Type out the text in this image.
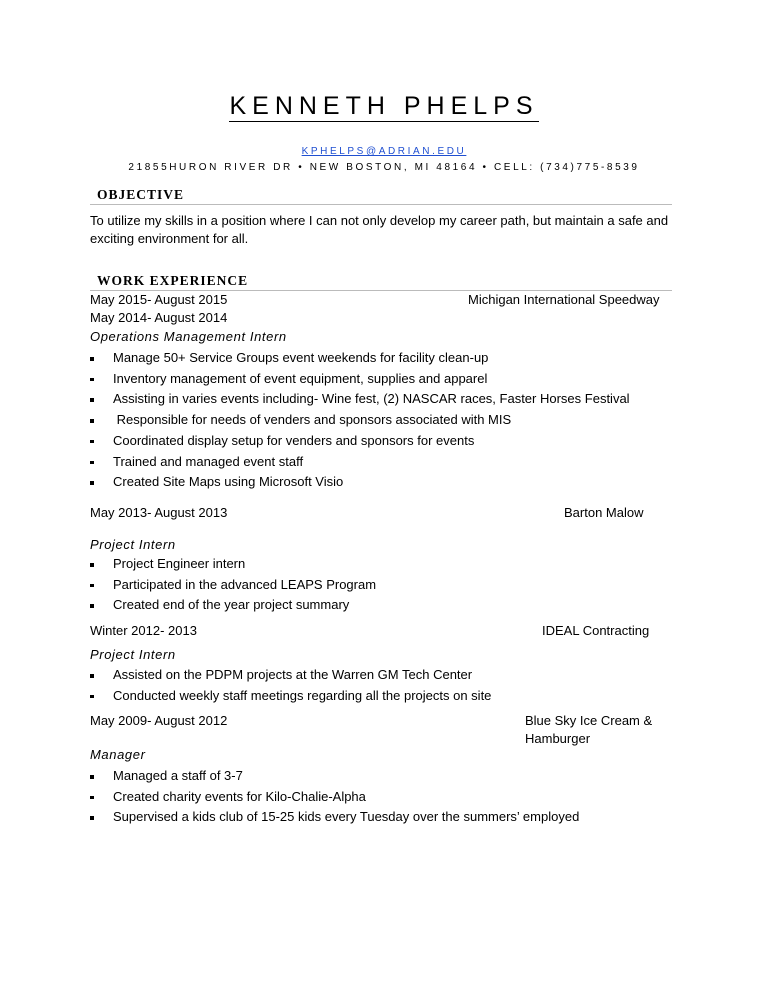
KENNETH PHELPS
KPHELPS@ADRIAN.EDU
21855HURON RIVER DR • NEW BOSTON, MI 48164 • CELL: (734)775-8539
OBJECTIVE
To utilize my skills in a position where I can not only develop my career path, but maintain a safe and exciting environment for all.
WORK EXPERIENCE
May 2015- August 2015	Michigan International Speedway
May 2014- August 2014
Operations Management Intern
Manage 50+ Service Groups event weekends for facility clean-up
Inventory management of event equipment, supplies and apparel
Assisting in varies events including- Wine fest, (2) NASCAR races, Faster Horses Festival
Responsible for needs of venders and sponsors associated with MIS
Coordinated display setup for venders and sponsors for events
Trained and managed event staff
Created Site Maps using Microsoft Visio
May 2013- August 2013	Barton Malow
Project Intern
Project Engineer intern
Participated in the advanced LEAPS Program
Created end of the year project summary
Winter 2012- 2013	IDEAL Contracting
Project Intern
Assisted on the PDPM projects at the Warren GM Tech Center
Conducted weekly staff meetings regarding all the projects on site
May 2009- August 2012	Blue Sky Ice Cream &
Hamburger
Manager
Managed a staff of 3-7
Created charity events for Kilo-Chalie-Alpha
Supervised a kids club of 15-25 kids every Tuesday over the summers’ employed
